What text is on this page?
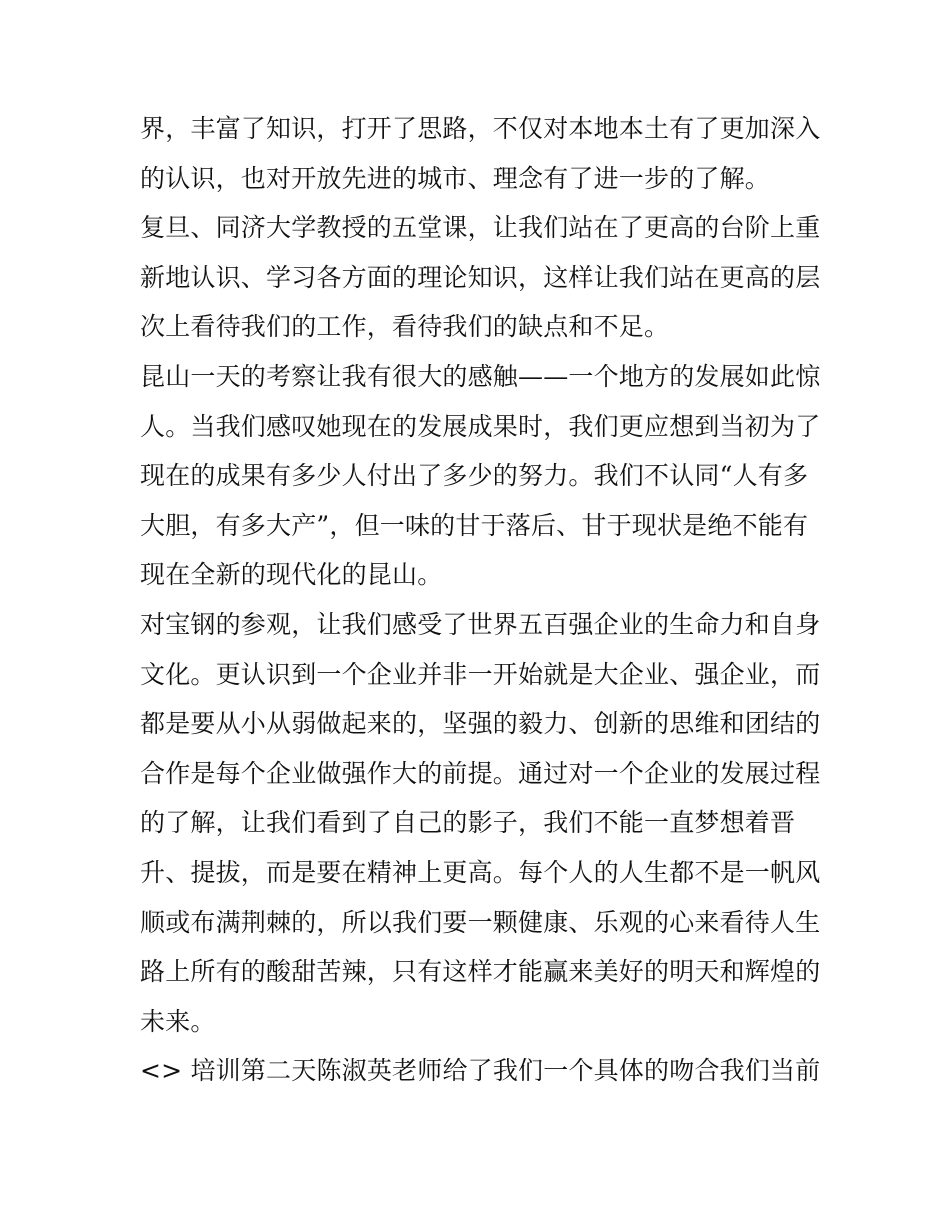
界，丰富了知识，打开了思路，不仅对本地本土有了更加深入
的认识，也对开放先进的城市、理念有了进一步的了解。
复旦、同济大学教授的五堂课，让我们站在了更高的台阶上重
新地认识、学习各方面的理论知识，这样让我们站在更高的层
次上看待我们的工作，看待我们的缺点和不足。
昆山一天的考察让我有很大的感触——一个地方的发展如此惊
人。当我们感叹她现在的发展成果时，我们更应想到当初为了
现在的成果有多少人付出了多少的努力。我们不认同“人有多
大胆，有多大产”，但一味的甘于落后、甘于现状是绝不能有
现在全新的现代化的昆山。
对宝钢的参观，让我们感受了世界五百强企业的生命力和自身
文化。更认识到一个企业并非一开始就是大企业、强企业，而
都是要从小从弱做起来的，坚强的毅力、创新的思维和团结的
合作是每个企业做强作大的前提。通过对一个企业的发展过程
的了解，让我们看到了自己的影子，我们不能一直梦想着晋
升、提拔，而是要在精神上更高。每个人的人生都不是一帆风
顺或布满荆棘的，所以我们要一颗健康、乐观的心来看待人生
路上所有的酸甜苦辣，只有这样才能赢来美好的明天和辉煌的
未来。
<> 培训第二天陈淑英老师给了我们一个具体的吻合我们当前
